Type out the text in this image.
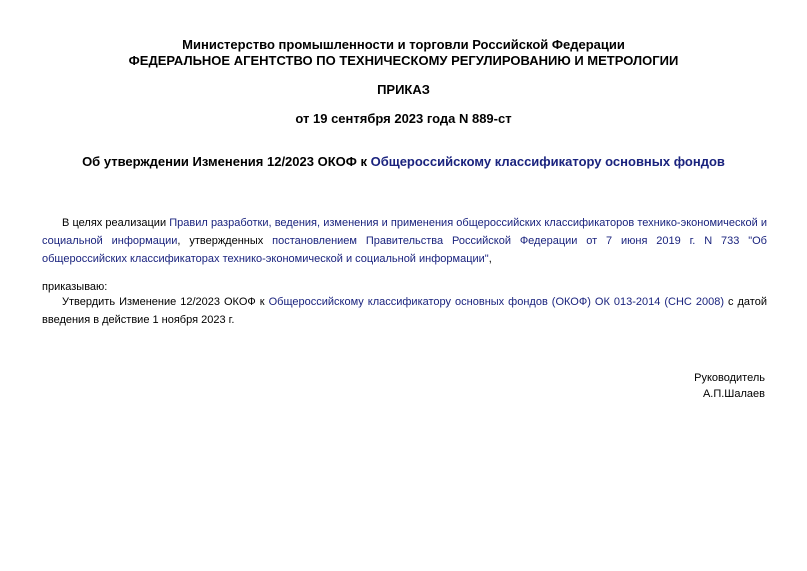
Министерство промышленности и торговли Российской Федерации
ФЕДЕРАЛЬНОЕ АГЕНТСТВО ПО ТЕХНИЧЕСКОМУ РЕГУЛИРОВАНИЮ И МЕТРОЛОГИИ
ПРИКАЗ
от 19 сентября 2023 года N 889-ст
Об утверждении Изменения 12/2023 ОКОФ к Общероссийскому классификатору основных фондов
В целях реализации Правил разработки, ведения, изменения и применения общероссийских классификаторов технико-экономической и социальной информации, утвержденных постановлением Правительства Российской Федерации от 7 июня 2019 г. N 733 "Об общероссийских классификаторах технико-экономической и социальной информации",
приказываю:
Утвердить Изменение 12/2023 ОКОФ к Общероссийскому классификатору основных фондов (ОКОФ) ОК 013-2014 (СНС 2008) с датой введения в действие 1 ноября 2023 г.
Руководитель
А.П.Шалаев
